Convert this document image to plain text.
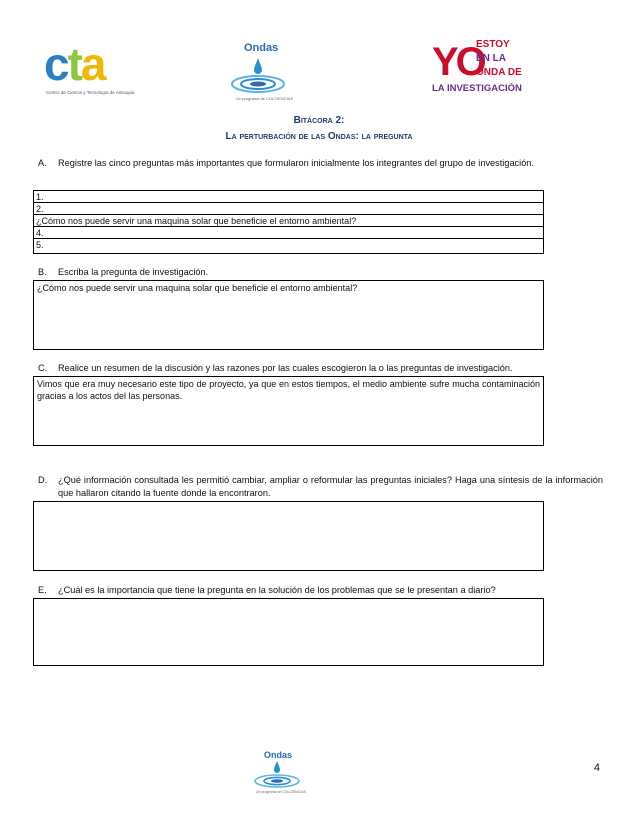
cta
Centro de Ciencia y Tecnología de Antioquia
Ondas
Un programa de COLCIENCIAS
YO
ESTOY
EN LA
ONDA DE
LA INVESTIGACIÓN
Bitácora 2:
La perturbación de las Ondas: la pregunta
A. Registre las cinco preguntas más importantes que formularon inicialmente los integrantes del grupo de investigación.
1.
2.
¿Cómo nos puede servir una maquina solar que beneficie el entorno ambiental?
4.
5.
B. Escriba la pregunta de investigación.
¿Cómo nos puede servir una maquina solar que beneficie el entorno ambiental?
C. Realice un resumen de la discusión y las razones por las cuales escogieron la o las preguntas de investigación.
Vimos que era muy necesario este tipo de proyecto, ya que en estos tiempos, el medio ambiente sufre mucha contaminación gracias a los actos del las personas.
D.	¿Qué información consultada les permitió cambiar, ampliar o reformular las preguntas iniciales? Haga una síntesis de la información que hallaron citando la fuente donde la encontraron.
E. ¿Cuál es la importancia que tiene la pregunta en la solución de los problemas que se le presentan a diario?
Ondas
Un programa de COLCIENCIAS
4
